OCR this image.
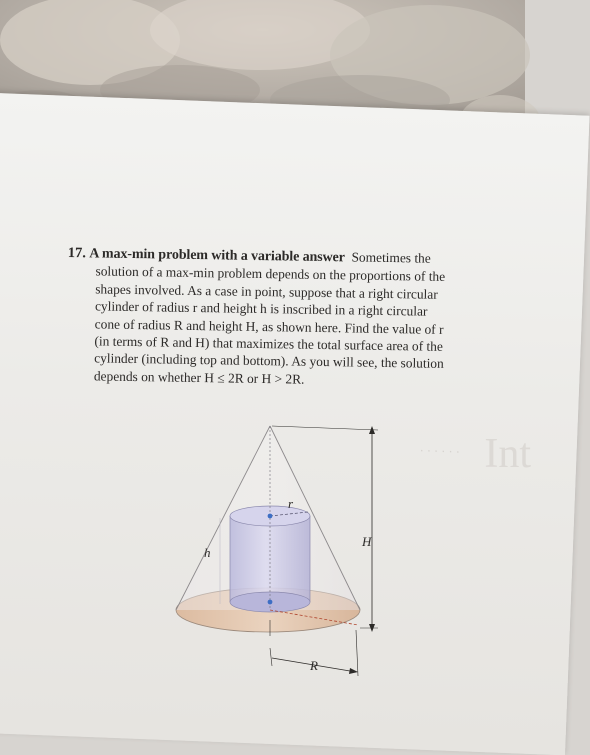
. . . . . . Int
17. A max-min problem with a variable answer Sometimes the
solution of a max-min problem depends on the proportions of the
shapes involved. As a case in point, suppose that a right circular
cylinder of radius r and height h is inscribed in a right circular
cone of radius R and height H, as shown here. Find the value of r
(in terms of R and H) that maximizes the total surface area of the
cylinder (including top and bottom). As you will see, the solution
depends on whether H ≤ 2R or H > 2R.
r
h
H
R
